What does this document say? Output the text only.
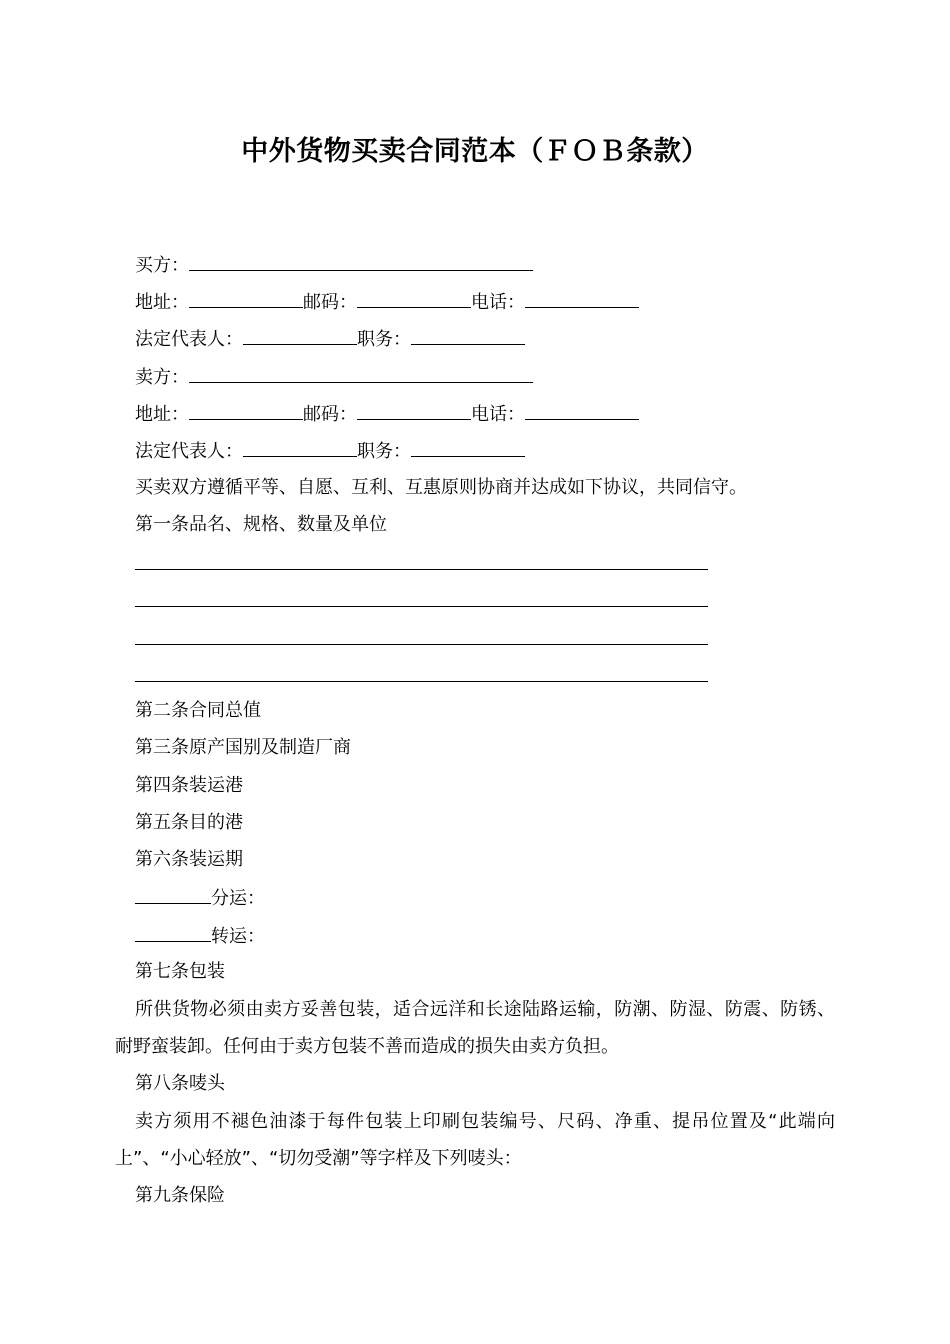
中外货物买卖合同范本（ＦＯＢ条款）
买方：
地址：	邮码：	电话：
法定代表人：	职务：
卖方：
地址：	邮码：	电话：
法定代表人：	职务：
买卖双方遵循平等、自愿、互利、互惠原则协商并达成如下协议，共同信守。
第一条品名、规格、数量及单位
第二条合同总值
第三条原产国别及制造厂商
第四条装运港
第五条目的港
第六条装运期
分运：
转运：
第七条包装
所供货物必须由卖方妥善包装，适合远洋和长途陆路运输，防潮、防湿、防震、防锈、耐野蛮装卸。任何由于卖方包装不善而造成的损失由卖方负担。
第八条唛头
卖方须用不褪色油漆于每件包装上印刷包装编号、尺码、净重、提吊位置及“此端向上”、“小心轻放”、“切勿受潮”等字样及下列唛头：
第九条保险
